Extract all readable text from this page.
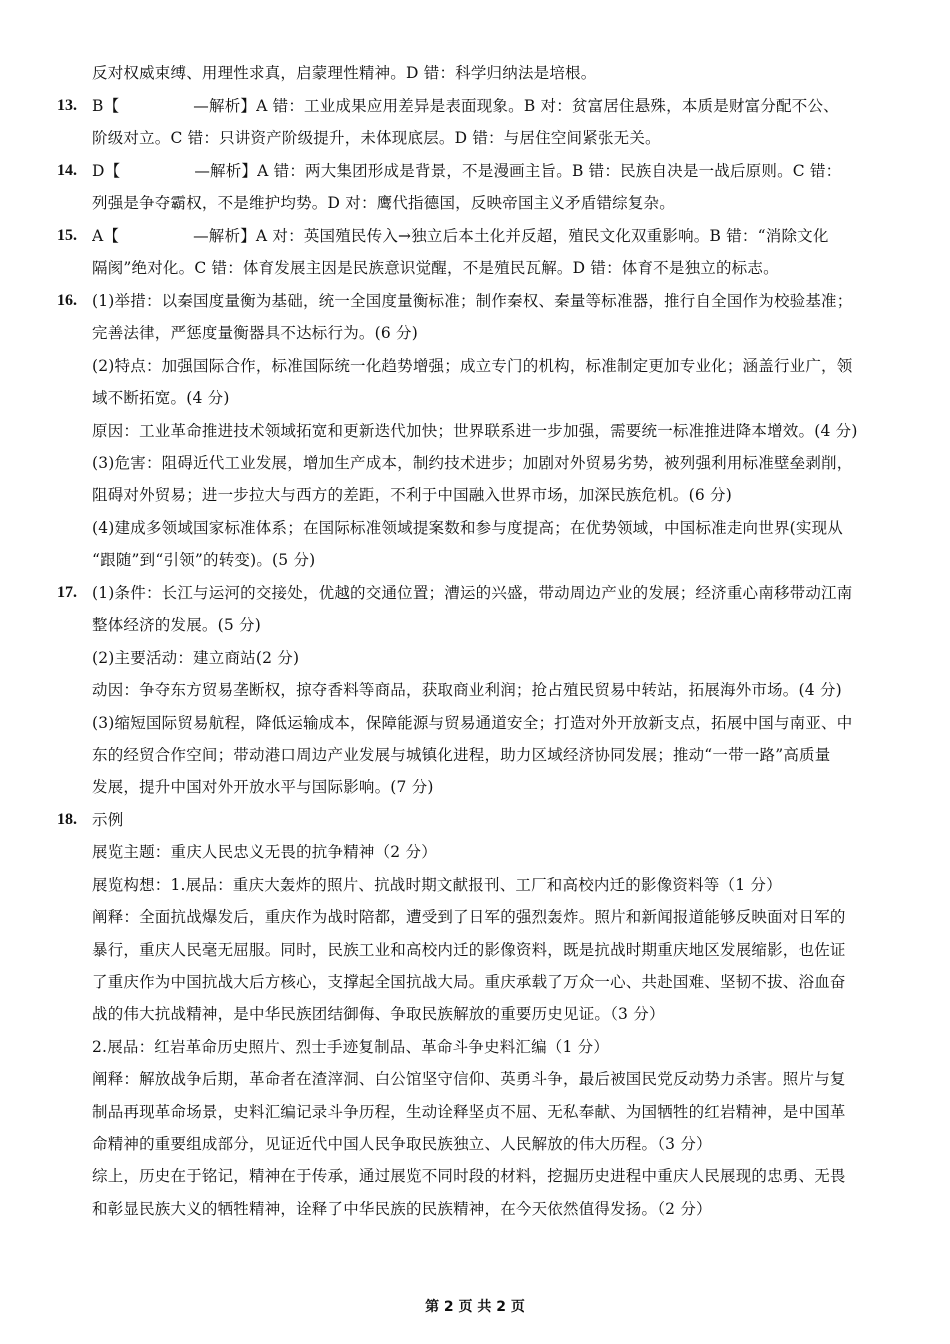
反对权威束缚、用理性求真，启蒙理性精神。D 错：科学归纳法是培根。
13. B【	—解析】A 错：工业成果应用差异是表面现象。B 对：贫富居住悬殊，本质是财富分配不公、
阶级对立。C 错：只讲资产阶级提升，未体现底层。D 错：与居住空间紧张无关。
14. D【	—解析】A 错：两大集团形成是背景，不是漫画主旨。B 错：民族自决是一战后原则。C 错：
列强是争夺霸权，不是维护均势。D 对：鹰代指德国，反映帝国主义矛盾错综复杂。
15. A【	—解析】A 对：英国殖民传入→独立后本土化并反超，殖民文化双重影响。B 错：“消除文化
隔阂”绝对化。C 错：体育发展主因是民族意识觉醒，不是殖民瓦解。D 错：体育不是独立的标志。
16. (1)举措：以秦国度量衡为基础，统一全国度量衡标准；制作秦权、秦量等标准器，推行自全国作为校验基准；
完善法律，严惩度量衡器具不达标行为。(6 分)
(2)特点：加强国际合作，标准国际统一化趋势增强；成立专门的机构，标准制定更加专业化；涵盖行业广，领
域不断拓宽。(4 分)
原因：工业革命推进技术领域拓宽和更新迭代加快；世界联系进一步加强，需要统一标准推进降本增效。(4 分)
(3)危害：阻碍近代工业发展，增加生产成本，制约技术进步；加剧对外贸易劣势，被列强利用标准壁垒剥削，
阻碍对外贸易；进一步拉大与西方的差距，不利于中国融入世界市场，加深民族危机。(6 分)
(4)建成多领域国家标准体系；在国际标准领域提案数和参与度提高；在优势领域，中国标准走向世界(实现从
“跟随”到“引领”的转变)。(5 分)
17. (1)条件：长江与运河的交接处，优越的交通位置；漕运的兴盛，带动周边产业的发展；经济重心南移带动江南
整体经济的发展。(5 分)
(2)主要活动：建立商站(2 分)
动因：争夺东方贸易垄断权，掠夺香料等商品，获取商业利润；抢占殖民贸易中转站，拓展海外市场。(4 分)
(3)缩短国际贸易航程，降低运输成本，保障能源与贸易通道安全；打造对外开放新支点，拓展中国与南亚、中
东的经贸合作空间；带动港口周边产业发展与城镇化进程，助力区域经济协同发展；推动“一带一路”高质量
发展，提升中国对外开放水平与国际影响。(7 分)
18. 示例
展览主题：重庆人民忠义无畏的抗争精神（2 分）
展览构想：1.展品：重庆大轰炸的照片、抗战时期文献报刊、工厂和高校内迁的影像资料等（1 分）
阐释：全面抗战爆发后，重庆作为战时陪都，遭受到了日军的强烈轰炸。照片和新闻报道能够反映面对日军的
暴行，重庆人民毫无屈服。同时，民族工业和高校内迁的影像资料，既是抗战时期重庆地区发展缩影，也佐证
了重庆作为中国抗战大后方核心，支撑起全国抗战大局。重庆承载了万众一心、共赴国难、坚韧不拔、浴血奋
战的伟大抗战精神，是中华民族团结御侮、争取民族解放的重要历史见证。（3 分）
2.展品：红岩革命历史照片、烈士手迹复制品、革命斗争史料汇编（1 分）
阐释：解放战争后期，革命者在渣滓洞、白公馆坚守信仰、英勇斗争，最后被国民党反动势力杀害。照片与复
制品再现革命场景，史料汇编记录斗争历程，生动诠释坚贞不屈、无私奉献、为国牺牲的红岩精神，是中国革
命精神的重要组成部分，见证近代中国人民争取民族独立、人民解放的伟大历程。（3 分）
综上，历史在于铭记，精神在于传承，通过展览不同时段的材料，挖掘历史进程中重庆人民展现的忠勇、无畏
和彰显民族大义的牺牲精神，诠释了中华民族的民族精神，在今天依然值得发扬。（2 分）
第 2 页 共 2 页
